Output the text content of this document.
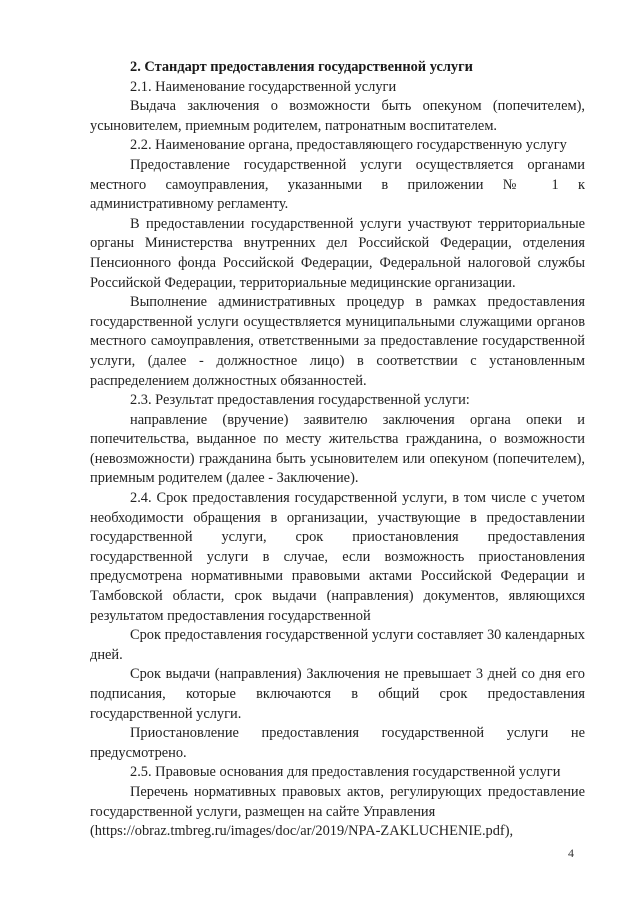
2. Стандарт предоставления государственной услуги

2.1. Наименование государственной услуги

Выдача заключения о возможности быть опекуном (попечителем), усыновителем, приемным родителем, патронатным воспитателем.

2.2. Наименование органа, предоставляющего государственную услугу

Предоставление государственной услуги осуществляется органами местного самоуправления, указанными в приложении № 1 к административному регламенту.

В предоставлении государственной услуги участвуют территориальные органы Министерства внутренних дел Российской Федерации, отделения Пенсионного фонда Российской Федерации, Федеральной налоговой службы Российской Федерации, территориальные медицинские организации.

Выполнение административных процедур в рамках предоставления государственной услуги осуществляется муниципальными служащими органов местного самоуправления, ответственными за предоставление государственной услуги, (далее - должностное лицо) в соответствии с установленным распределением должностных обязанностей.

2.3. Результат предоставления государственной услуги:

направление (вручение) заявителю заключения органа опеки и попечительства, выданное по месту жительства гражданина, о возможности (невозможности) гражданина быть усыновителем или опекуном (попечителем), приемным родителем (далее - Заключение).

2.4. Срок предоставления государственной услуги, в том числе с учетом необходимости обращения в организации, участвующие в предоставлении государственной услуги, срок приостановления предоставления государственной услуги в случае, если возможность приостановления предусмотрена нормативными правовыми актами Российской Федерации и Тамбовской области, срок выдачи (направления) документов, являющихся результатом предоставления государственной

Срок предоставления государственной услуги составляет 30 календарных дней.

Срок выдачи (направления) Заключения не превышает 3 дней со дня его подписания, которые включаются в общий срок предоставления государственной услуги.

Приостановление предоставления государственной услуги не предусмотрено.

2.5. Правовые основания для предоставления государственной услуги

Перечень нормативных правовых актов, регулирующих предоставление государственной услуги, размещен на сайте Управления

(https://obraz.tmbreg.ru/images/doc/ar/2019/NPA-ZAKLUCHENIE.pdf),
4
